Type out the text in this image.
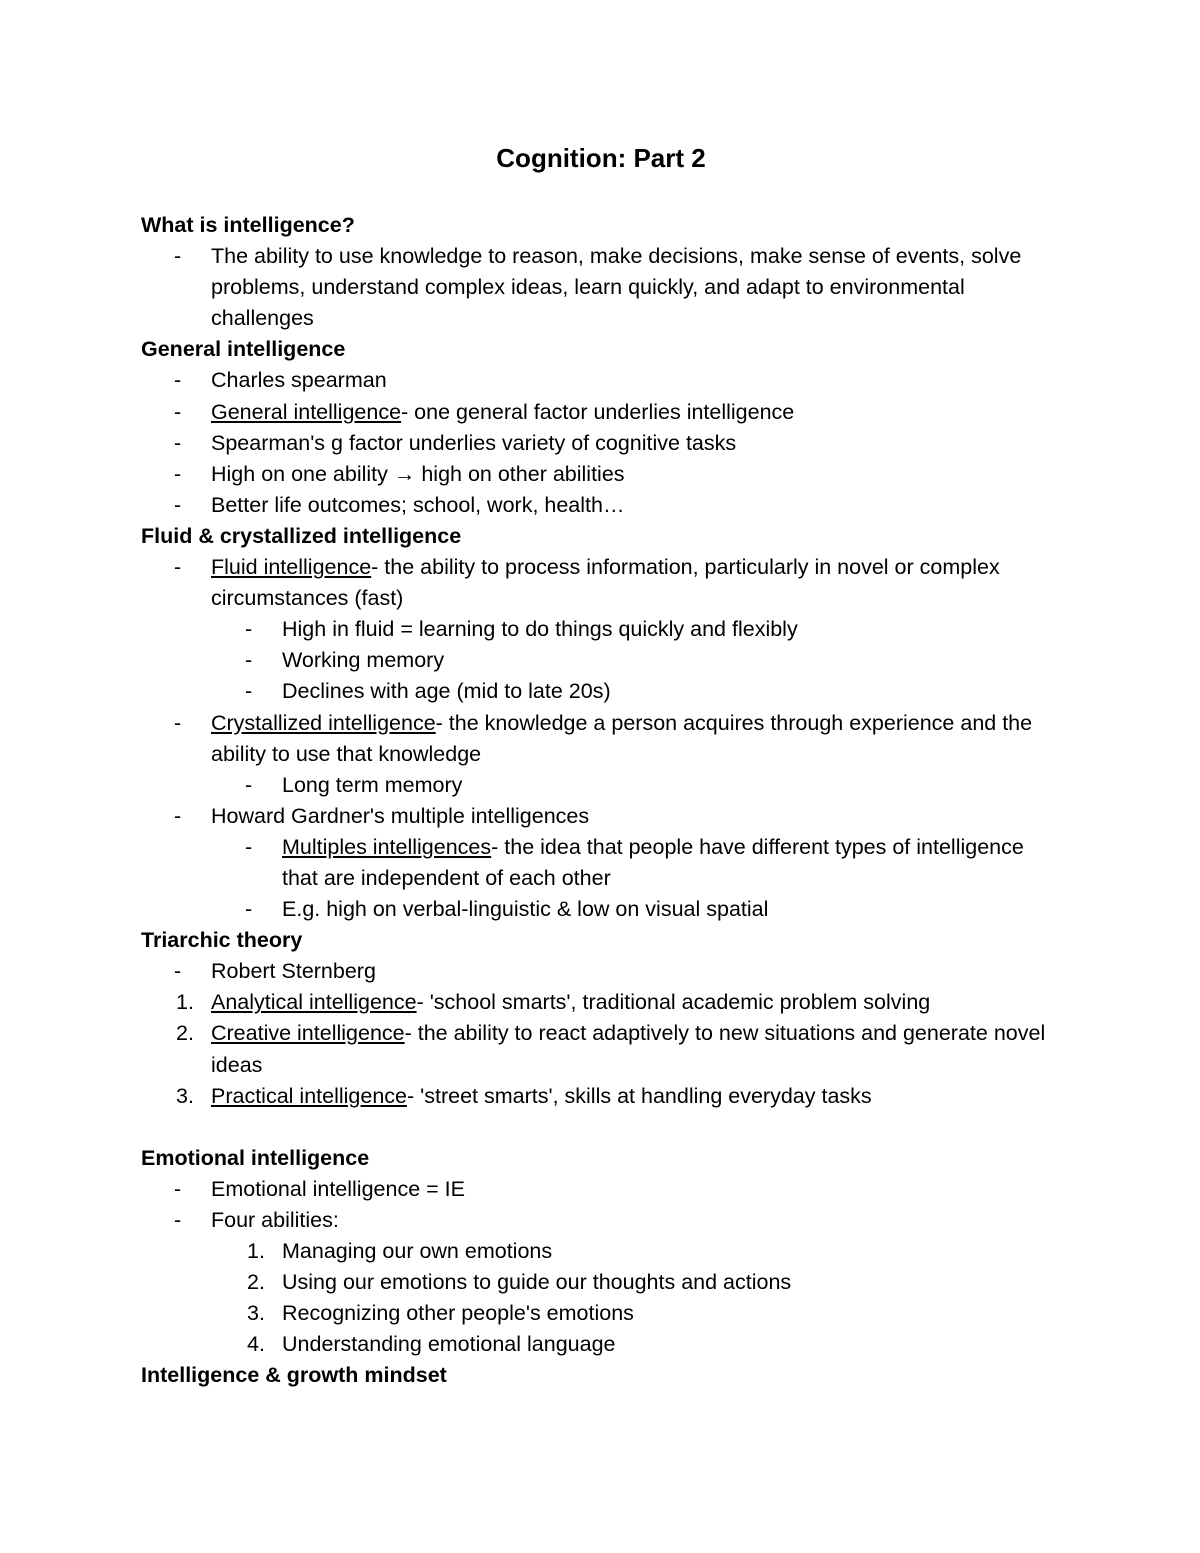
Cognition: Part 2
What is intelligence?
- The ability to use knowledge to reason, make decisions, make sense of events, solve problems, understand complex ideas, learn quickly, and adapt to environmental challenges
General intelligence
- Charles spearman
- General intelligence- one general factor underlies intelligence
- Spearman's g factor underlies variety of cognitive tasks
- High on one ability → high on other abilities
- Better life outcomes; school, work, health…
Fluid & crystallized intelligence
- Fluid intelligence- the ability to process information, particularly in novel or complex circumstances (fast)
- High in fluid = learning to do things quickly and flexibly
- Working memory
- Declines with age (mid to late 20s)
- Crystallized intelligence- the knowledge a person acquires through experience and the ability to use that knowledge
- Long term memory
- Howard Gardner's multiple intelligences
- Multiples intelligences- the idea that people have different types of intelligence that are independent of each other
- E.g. high on verbal-linguistic & low on visual spatial
Triarchic theory
- Robert Sternberg
1. Analytical intelligence- 'school smarts', traditional academic problem solving
2. Creative intelligence- the ability to react adaptively to new situations and generate novel ideas
3. Practical intelligence- 'street smarts', skills at handling everyday tasks
Emotional intelligence
- Emotional intelligence = IE
- Four abilities:
1. Managing our own emotions
2. Using our emotions to guide our thoughts and actions
3. Recognizing other people's emotions
4. Understanding emotional language
Intelligence & growth mindset
